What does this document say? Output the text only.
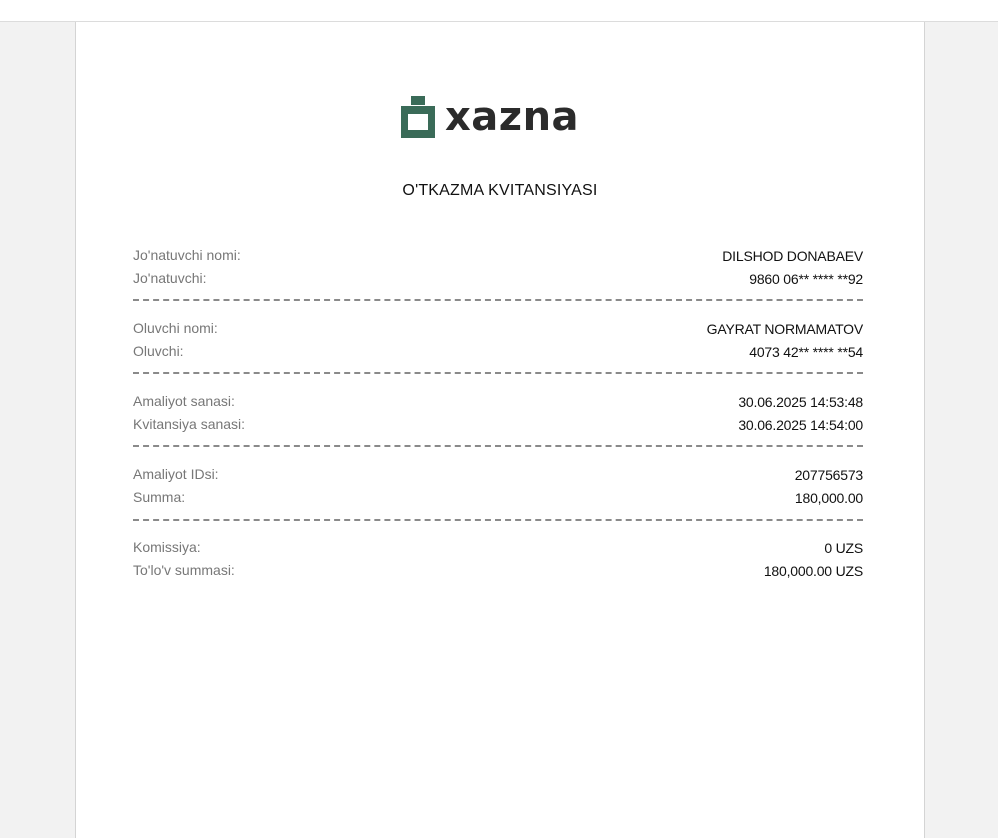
xazna
O'TKAZMA KVITANSIYASI
Jo'natuvchi nomi:	DILSHOD DONABAEV
Jo'natuvchi:	9860 06** **** **92
Oluvchi nomi:	GAYRAT NORMAMATOV
Oluvchi:	4073 42** **** **54
Amaliyot sanasi:	30.06.2025 14:53:48
Kvitansiya sanasi:	30.06.2025 14:54:00
Amaliyot IDsi:	207756573
Summa:	180,000.00
Komissiya:	0 UZS
To'lo'v summasi:	180,000.00 UZS
